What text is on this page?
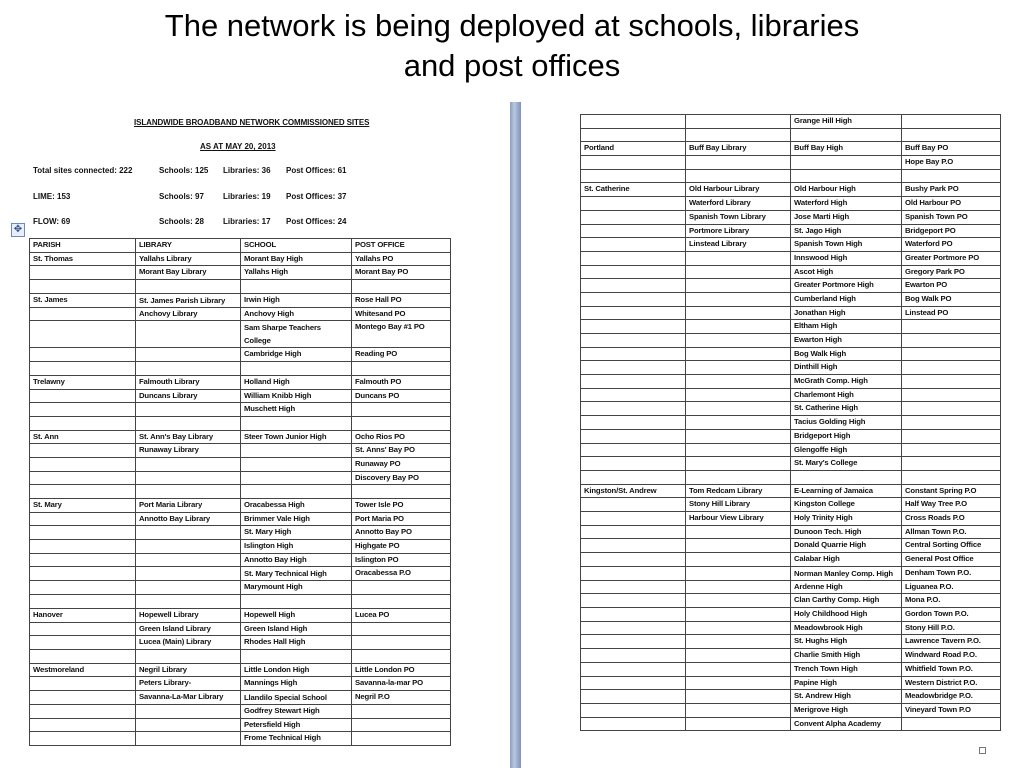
The network is being deployed at schools, libraries
and post offices
ISLANDWIDE BROADBAND NETWORK COMMISSIONED SITES
AS AT MAY 20, 2013
Total sites connected: 222	Schools: 125 Libraries: 36 Post Offices: 61
LIME: 153	Schools: 97 Libraries: 19 Post Offices: 37
FLOW: 69	Schools: 28 Libraries: 17 Post Offices: 24
✥
PARISH	LIBRARY	SCHOOL	POST OFFICE
St. Thomas	Yallahs Library	Morant Bay High	Yallahs PO
	Morant Bay Library	Yallahs High	Morant Bay PO

St. James	St. James Parish Library	Irwin High	Rose Hall PO
	Anchovy Library	Anchovy High	Whitesand PO
		Sam Sharpe Teachers College	Montego Bay #1 PO
		Cambridge High	Reading PO

Trelawny	Falmouth Library	Holland High	Falmouth PO
	Duncans Library	William Knibb High	Duncans PO
		Muschett High	

St. Ann	St. Ann's Bay Library	Steer Town Junior High	Ocho Rios PO
	Runaway Library		St. Anns' Bay PO
			Runaway PO
			Discovery Bay PO

St. Mary	Port Maria Library	Oracabessa High	Tower Isle PO
	Annotto Bay Library	Brimmer Vale High	Port Maria PO
		St. Mary High	Annotto Bay PO
		Islington High	Highgate PO
		Annotto Bay High	Islington PO
		St. Mary Technical High	Oracabessa P.O
		Marymount High	

Hanover	Hopewell Library	Hopewell High	Lucea PO
	Green Island Library	Green Island High	
	Lucea (Main) Library	Rhodes Hall High	

Westmoreland	Negril Library	Little London High	Little London PO
	Peters Library-	Mannings High	Savanna-la-mar PO
	Savanna-La-Mar Library	Llandilo Special School	Negril P.O
		Godfrey Stewart High	
		Petersfield High	
		Frome Technical High	
		Grange Hill High	

Portland	Buff Bay Library	Buff Bay High	Buff Bay PO
			Hope Bay P.O

St. Catherine	Old Harbour Library	Old Harbour High	Bushy Park PO
	Waterford Library	Waterford High	Old Harbour PO
	Spanish Town Library	Jose Marti High	Spanish Town PO
	Portmore Library	St. Jago High	Bridgeport PO
	Linstead Library	Spanish Town High	Waterford PO
		Innswood High	Greater Portmore PO
		Ascot High	Gregory Park PO
		Greater Portmore High	Ewarton PO
		Cumberland High	Bog Walk PO
		Jonathan High	Linstead PO
		Eltham High	
		Ewarton High	
		Bog Walk High	
		Dinthill High	
		McGrath Comp. High	
		Charlemont High	
		St. Catherine High	
		Tacius Golding High	
		Bridgeport High	
		Glengoffe High	
		St. Mary's College	

Kingston/St. Andrew	Tom Redcam Library	E-Learning of Jamaica	Constant Spring P.O
	Stony Hill Library	Kingston College	Half Way Tree P.O
	Harbour View Library	Holy Trinity High	Cross Roads P.O
		Dunoon Tech. High	Allman Town P.O.
		Donald Quarrie High	Central Sorting Office
		Calabar High	General Post Office
		Norman Manley Comp. High	Denham Town P.O.
		Ardenne High	Liguanea P.O.
		Clan Carthy Comp. High	Mona P.O.
		Holy Childhood High	Gordon Town P.O.
		Meadowbrook High	Stony Hill P.O.
		St. Hughs High	Lawrence Tavern P.O.
		Charlie Smith High	Windward Road P.O.
		Trench Town High	Whitfield Town P.O.
		Papine High	Western District P.O.
		St. Andrew High	Meadowbridge P.O.
		Merigrove High	Vineyard Town P.O
		Convent Alpha Academy	
